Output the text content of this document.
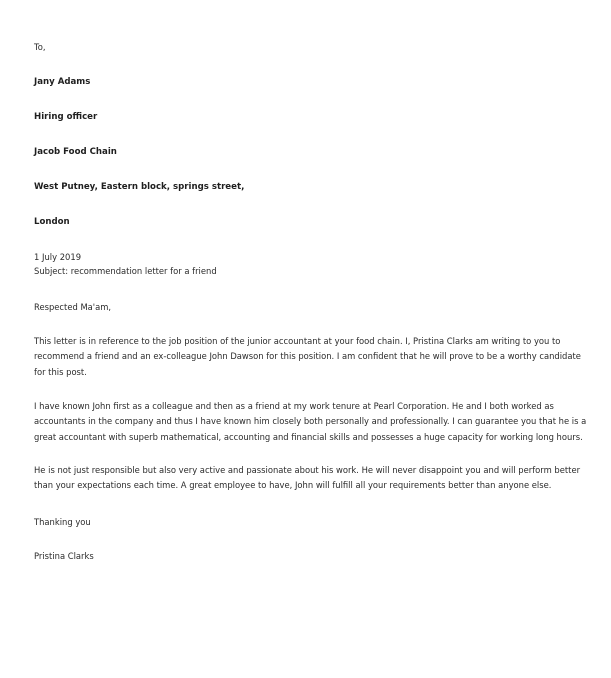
To,
Jany Adams
Hiring officer
Jacob Food Chain
West Putney, Eastern block, springs street,
London
1 July 2019
Subject: recommendation letter for a friend
Respected Ma'am,
This letter is in reference to the job position of the junior accountant at your food chain. I, Pristina Clarks am writing to you to
recommend a friend and an ex-colleague John Dawson for this position. I am confident that he will prove to be a worthy candidate
for this post.
I have known John first as a colleague and then as a friend at my work tenure at Pearl Corporation. He and I both worked as
accountants in the company and thus I have known him closely both personally and professionally. I can guarantee you that he is a
great accountant with superb mathematical, accounting and financial skills and possesses a huge capacity for working long hours.
He is not just responsible but also very active and passionate about his work. He will never disappoint you and will perform better
than your expectations each time. A great employee to have, John will fulfill all your requirements better than anyone else.
Thanking you
Pristina Clarks
